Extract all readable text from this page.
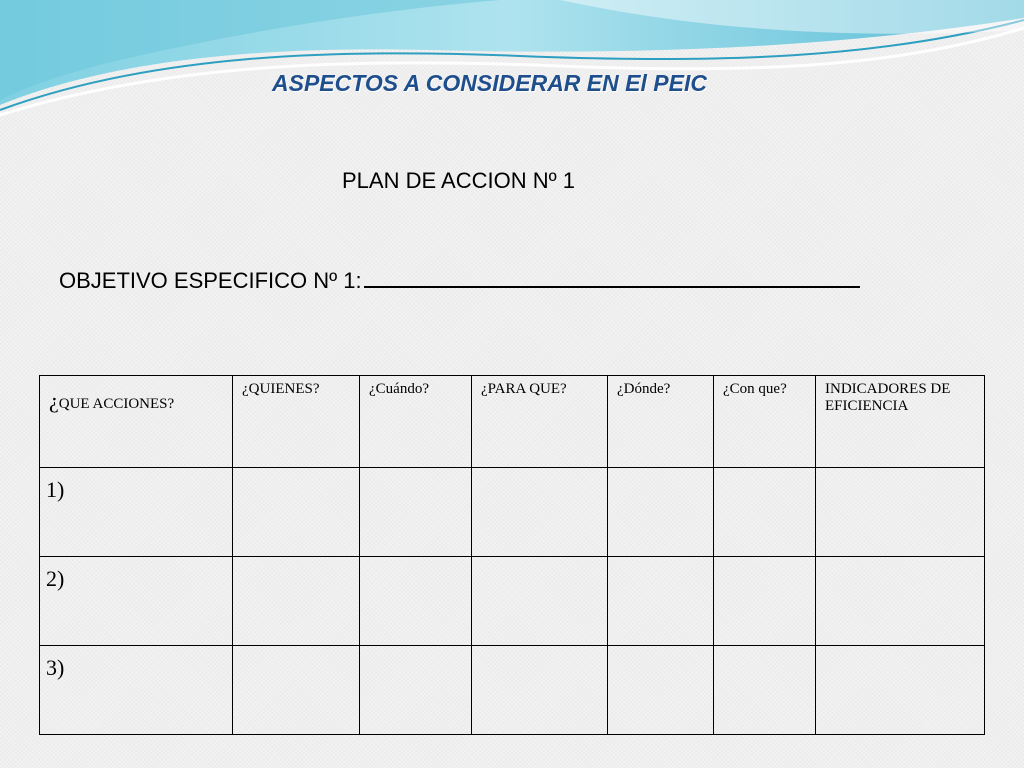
ASPECTOS A CONSIDERAR EN El PEIC
PLAN DE ACCION Nº 1
OBJETIVO ESPECIFICO Nº 1:
¿QUE ACCIONES?	¿QUIENES?	¿Cuándo?	¿PARA QUE?	¿Dónde?	¿Con que?	INDICADORES DE EFICIENCIA
1)						
2)						
3)						
